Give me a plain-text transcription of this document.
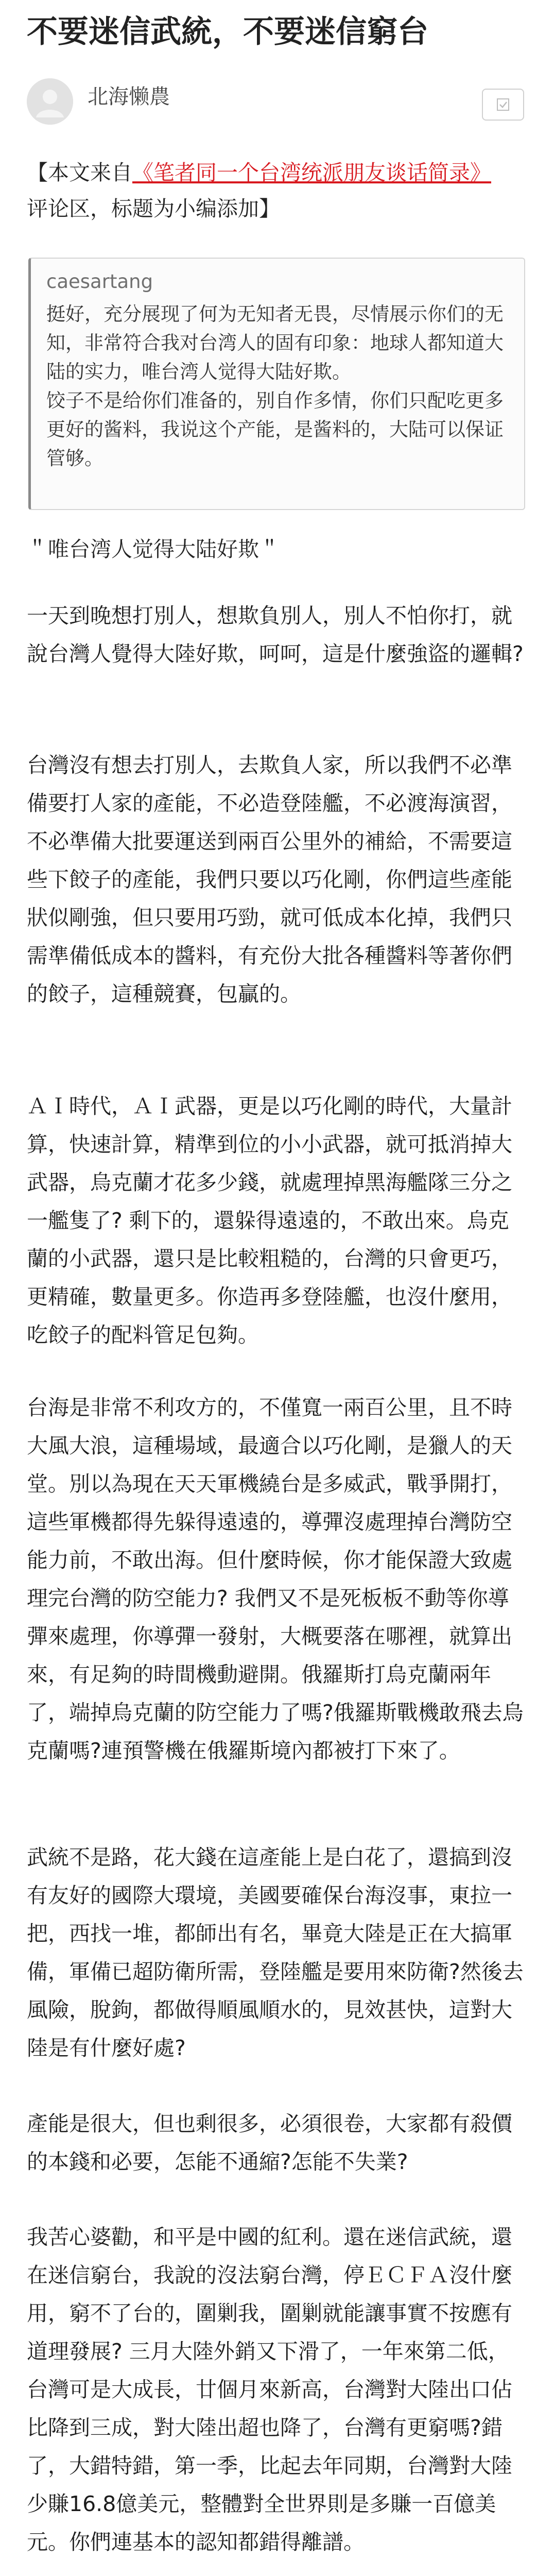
不要迷信武統，不要迷信窮台
北海懒農
【本文来自《笔者同一个台湾统派朋友谈话简录》
评论区，标题为小编添加】
caesartang

挺好，充分展现了何为无知者无畏，尽情展示你们的无知，非常符合我对台湾人的固有印象：地球人都知道大陆的实力，唯台湾人觉得大陆好欺。

饺子不是给你们准备的，别自作多情，你们只配吃更多更好的酱料，我说这个产能，是酱料的，大陆可以保证管够。

＂唯台湾人觉得大陆好欺＂

一天到晚想打別人，想欺負別人，別人不怕你打，就說台灣人覺得大陸好欺，呵呵，這是什麼強盜的邏輯?

台灣沒有想去打別人，去欺負人家，所以我們不必準備要打人家的產能，不必造登陸艦，不必渡海演習，不必準備大批要運送到兩百公里外的補給，不需要這些下餃子的產能，我們只要以巧化剛，你們這些產能狀似剛強，但只要用巧勁，就可低成本化掉，我們只需準備低成本的醬料，有充份大批各種醬料等著你們的餃子，這種競賽，包贏的。

ＡＩ時代，ＡＩ武器，更是以巧化剛的時代，大量計算，快速計算，精準到位的小小武器，就可抵消掉大武器，烏克蘭才花多少錢，就處理掉黑海艦隊三分之一艦隻了? 剩下的，還躲得遠遠的，不敢出來。烏克蘭的小武器，還只是比較粗糙的，台灣的只會更巧，更精確，數量更多。你造再多登陸艦，也沒什麼用，吃餃子的配料管足包夠。

台海是非常不利攻方的，不僅寬一兩百公里，且不時大風大浪，這種場域，最適合以巧化剛，是獵人的天堂。別以為現在天天軍機繞台是多威武，戰爭開打，這些軍機都得先躲得遠遠的，導彈沒處理掉台灣防空能力前，不敢出海。但什麼時候，你才能保證大致處理完台灣的防空能力? 我們又不是死板板不動等你導彈來處理，你導彈一發射，大概要落在哪裡，就算出來，有足夠的時間機動避開。俄羅斯打烏克蘭兩年了，端掉烏克蘭的防空能力了嗎?俄羅斯戰機敢飛去烏克蘭嗎?連預警機在俄羅斯境內都被打下來了。

武統不是路，花大錢在這產能上是白花了，還搞到沒有友好的國際大環境，美國要確保台海沒事，東拉一把，西找一堆，都師出有名，畢竟大陸是正在大搞軍備，軍備已超防衛所需，登陸艦是要用來防衛?然後去風險，脫鉤，都做得順風順水的，見效甚快，這對大陸是有什麼好處?

產能是很大，但也剩很多，必須很卷，大家都有殺價的本錢和必要，怎能不通縮?怎能不失業?

我苦心婆勸，和平是中國的紅利。還在迷信武統，還在迷信窮台，我說的沒法窮台灣，停ＥＣＦＡ沒什麼用，窮不了台的，圍剿我，圍剿就能讓事實不按應有道理發展? 三月大陸外銷又下滑了，一年來第二低，台灣可是大成長，廿個月來新高，台灣對大陸出口佔比降到三成，對大陸出超也降了，台灣有更窮嗎?錯了，大錯特錯，第一季，比起去年同期，台灣對大陸少賺16.8億美元，整體對全世界則是多賺一百億美元。你們連基本的認知都錯得離譜。
